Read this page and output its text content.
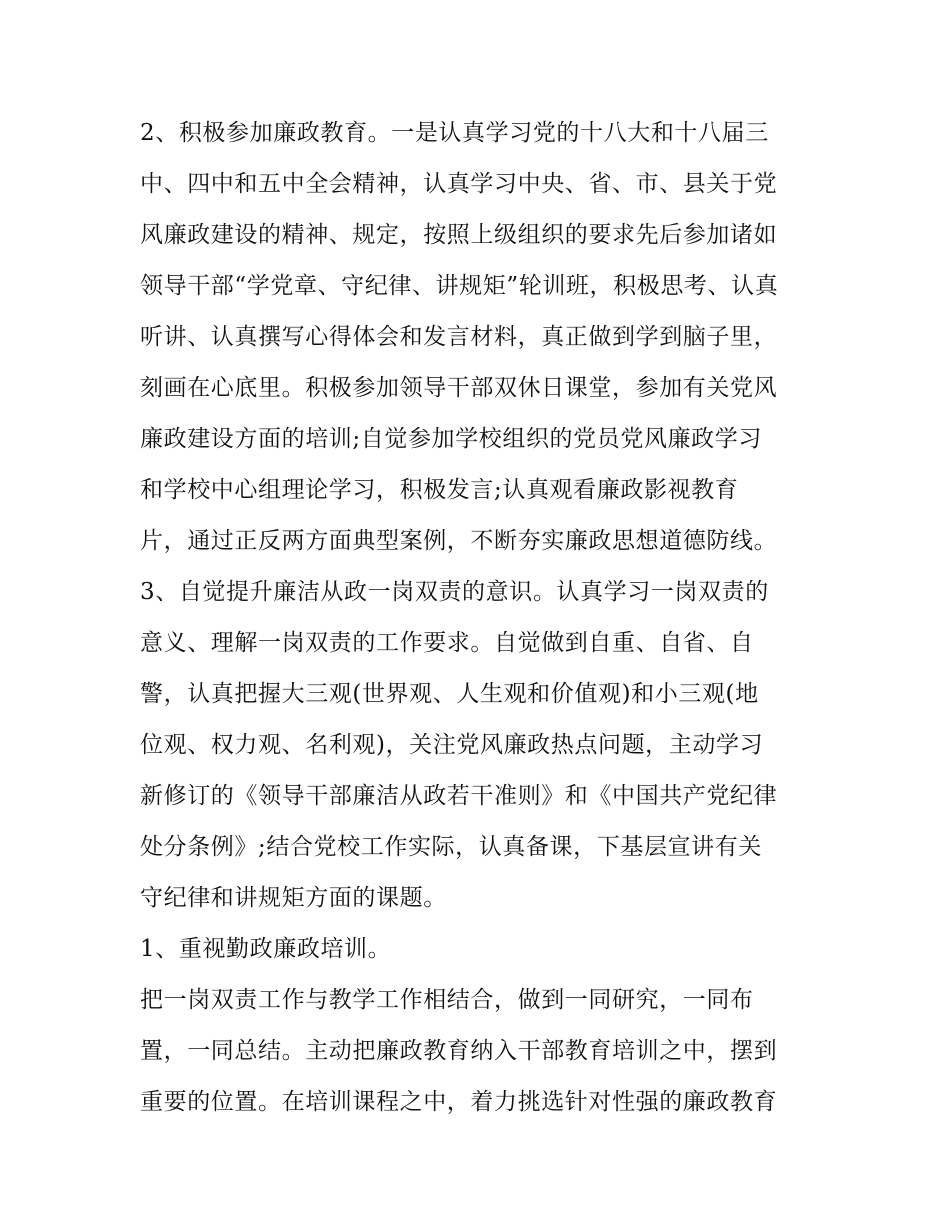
2、积极参加廉政教育。一是认真学习党的十八大和十八届三
中、四中和五中全会精神，认真学习中央、省、市、县关于党
风廉政建设的精神、规定，按照上级组织的要求先后参加诸如
领导干部“学党章、守纪律、讲规矩”轮训班，积极思考、认真
听讲、认真撰写心得体会和发言材料，真正做到学到脑子里，
刻画在心底里。积极参加领导干部双休日课堂，参加有关党风
廉政建设方面的培训;自觉参加学校组织的党员党风廉政学习
和学校中心组理论学习，积极发言;认真观看廉政影视教育
片，通过正反两方面典型案例，不断夯实廉政思想道德防线。
3、自觉提升廉洁从政一岗双责的意识。认真学习一岗双责的
意义、理解一岗双责的工作要求。自觉做到自重、自省、自
警，认真把握大三观(世界观、人生观和价值观)和小三观(地
位观、权力观、名利观)，关注党风廉政热点问题，主动学习
新修订的《领导干部廉洁从政若干准则》和《中国共产党纪律
处分条例》;结合党校工作实际，认真备课，下基层宣讲有关
守纪律和讲规矩方面的课题。
1、重视勤政廉政培训。
把一岗双责工作与教学工作相结合，做到一同研究，一同布
置，一同总结。主动把廉政教育纳入干部教育培训之中，摆到
重要的位置。在培训课程之中，着力挑选针对性强的廉政教育
